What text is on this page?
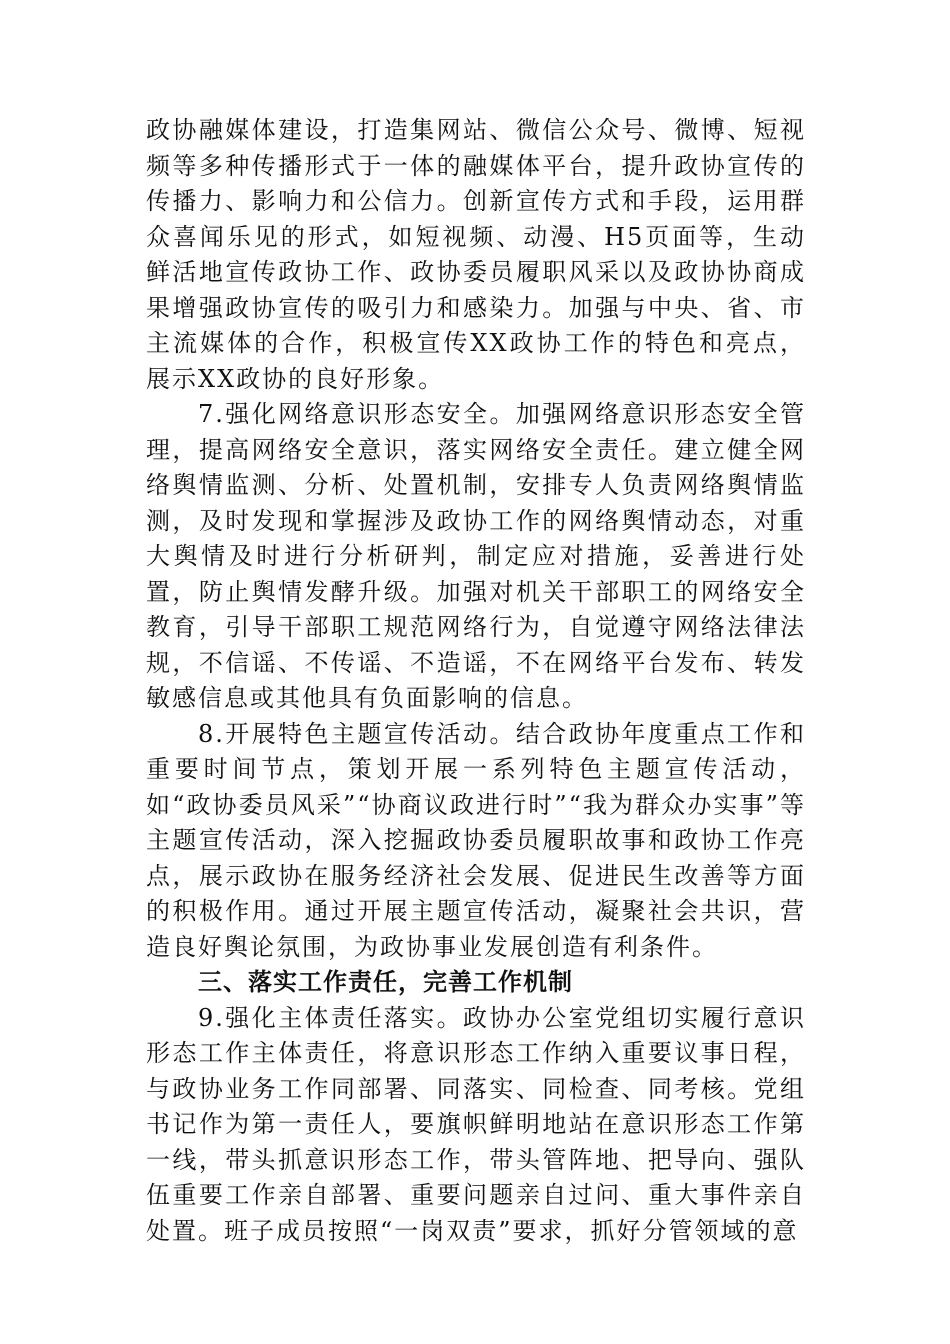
政协融媒体建设，打造集网站、微信公众号、微博、短视频等多种传播形式于一体的融媒体平台，提升政协宣传的传播力、影响力和公信力。创新宣传方式和手段，运用群众喜闻乐见的形式，如短视频、动漫、H5页面等，生动鲜活地宣传政协工作、政协委员履职风采以及政协协商成果增强政协宣传的吸引力和感染力。加强与中央、省、市主流媒体的合作，积极宣传XX政协工作的特色和亮点，展示XX政协的良好形象。

7.强化网络意识形态安全。加强网络意识形态安全管理，提高网络安全意识，落实网络安全责任。建立健全网络舆情监测、分析、处置机制，安排专人负责网络舆情监测，及时发现和掌握涉及政协工作的网络舆情动态，对重大舆情及时进行分析研判，制定应对措施，妥善进行处置，防止舆情发酵升级。加强对机关干部职工的网络安全教育，引导干部职工规范网络行为，自觉遵守网络法律法规，不信谣、不传谣、不造谣，不在网络平台发布、转发敏感信息或其他具有负面影响的信息。

8.开展特色主题宣传活动。结合政协年度重点工作和重要时间节点，策划开展一系列特色主题宣传活动，如“政协委员风采”“协商议政进行时”“我为群众办实事”等主题宣传活动，深入挖掘政协委员履职故事和政协工作亮点，展示政协在服务经济社会发展、促进民生改善等方面的积极作用。通过开展主题宣传活动，凝聚社会共识，营造良好舆论氛围，为政协事业发展创造有利条件。

三、落实工作责任，完善工作机制

9.强化主体责任落实。政协办公室党组切实履行意识形态工作主体责任，将意识形态工作纳入重要议事日程，与政协业务工作同部署、同落实、同检查、同考核。党组书记作为第一责任人，要旗帜鲜明地站在意识形态工作第一线，带头抓意识形态工作，带头管阵地、把导向、强队伍重要工作亲自部署、重要问题亲自过问、重大事件亲自处置。班子成员按照“一岗双责”要求，抓好分管领域的意
